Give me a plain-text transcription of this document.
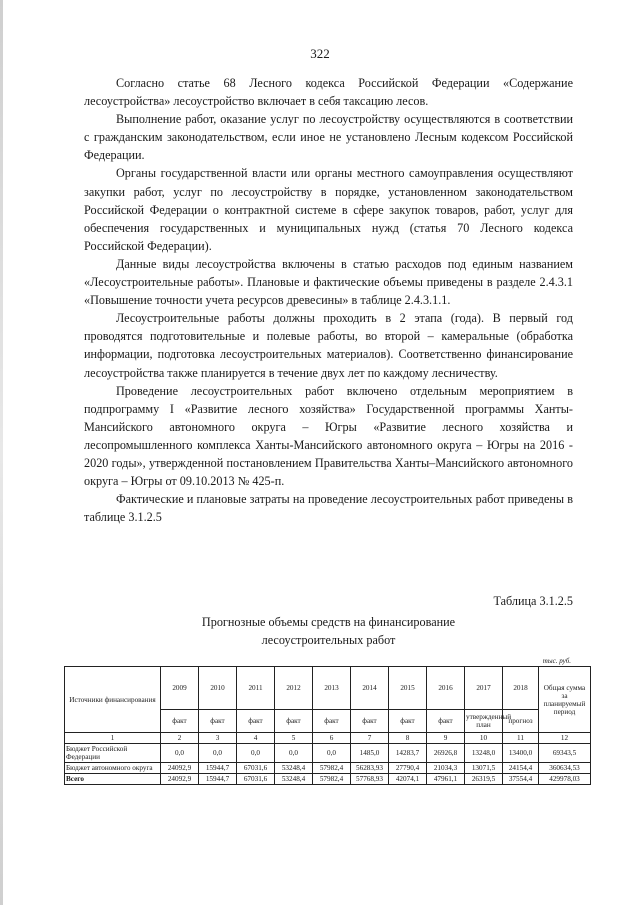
322

Согласно статье 68 Лесного кодекса Российской Федерации «Содержание лесоустройства» лесоустройство включает в себя таксацию лесов.

Выполнение работ, оказание услуг по лесоустройству осуществляются в соответствии с гражданским законодательством, если иное не установлено Лесным кодексом Российской Федерации.

Органы государственной власти или органы местного самоуправления осуществляют закупки работ, услуг по лесоустройству в порядке, установленном законодательством Российской Федерации о контрактной системе в сфере закупок товаров, работ, услуг для обеспечения государственных и муниципальных нужд (статья 70 Лесного кодекса Российской Федерации).

Данные виды лесоустройства включены в статью расходов под единым названием «Лесоустроительные работы». Плановые и фактические объемы приведены в разделе 2.4.3.1 «Повышение точности учета ресурсов древесины» в таблице 2.4.3.1.1.

Лесоустроительные работы должны проходить в 2 этапа (года). В первый год проводятся подготовительные и полевые работы, во второй – камеральные (обработка информации, подготовка лесоустроительных материалов). Соответственно финансирование лесоустройства также планируется в течение двух лет по каждому лесничеству.

Проведение лесоустроительных работ включено отдельным мероприятием в подпрограмму I «Развитие лесного хозяйства» Государственной программы Ханты-Мансийского автономного округа – Югры «Развитие лесного хозяйства и лесопромышленного комплекса Ханты-Мансийского автономного округа – Югры на 2016 - 2020 годы», утвержденной постановлением Правительства Ханты–Мансийского автономного округа – Югры от 09.10.2013 № 425-п.

Фактические и плановые затраты на проведение лесоустроительных работ приведены в таблице 3.1.2.5

Таблица 3.1.2.5
Прогнозные объемы средств на финансирование
лесоустроительных работ
тыс. руб.
Источники финансирования	2009	2010	2011	2012	2013	2014	2015	2016	2017	2018	Общая сумма за планируемый период
	факт	факт	факт	факт	факт	факт	факт	факт	утвержденный план	прогноз	
1	2	3	4	5	6	7	8	9	10	11	12
Бюджет Российской Федерации	0,0	0,0	0,0	0,0	0,0	1485,0	14283,7	26926,8	13248,0	13400,0	69343,5
Бюджет автономного округа	24092,9	15944,7	67031,6	53248,4	57982,4	56283,93	27790,4	21034,3	13071,5	24154,4	360634,53
Всего	24092,9	15944,7	67031,6	53248,4	57982,4	57768,93	42074,1	47961,1	26319,5	37554,4	429978,03
